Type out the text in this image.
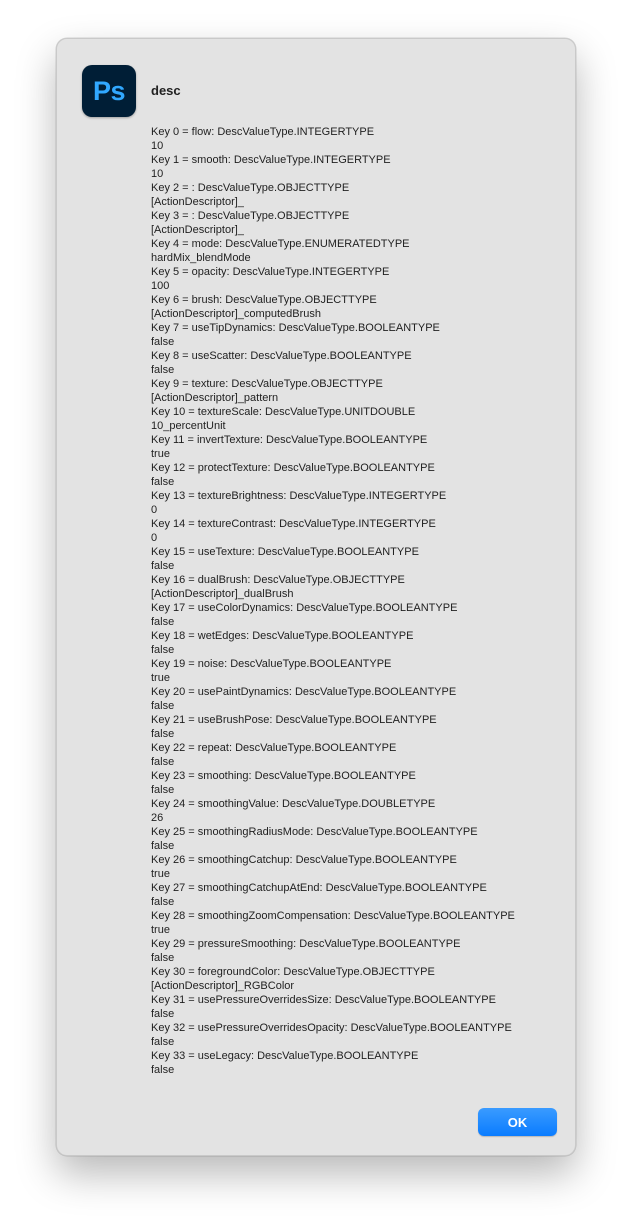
Ps desc
Key 0 = flow: DescValueType.INTEGERTYPE
10
Key 1 = smooth: DescValueType.INTEGERTYPE
10
Key 2 = : DescValueType.OBJECTTYPE
[ActionDescriptor]_
Key 3 = : DescValueType.OBJECTTYPE
[ActionDescriptor]_
Key 4 = mode: DescValueType.ENUMERATEDTYPE
hardMix_blendMode
Key 5 = opacity: DescValueType.INTEGERTYPE
100
Key 6 = brush: DescValueType.OBJECTTYPE
[ActionDescriptor]_computedBrush
Key 7 = useTipDynamics: DescValueType.BOOLEANTYPE
false
Key 8 = useScatter: DescValueType.BOOLEANTYPE
false
Key 9 = texture: DescValueType.OBJECTTYPE
[ActionDescriptor]_pattern
Key 10 = textureScale: DescValueType.UNITDOUBLE
10_percentUnit
Key 11 = invertTexture: DescValueType.BOOLEANTYPE
true
Key 12 = protectTexture: DescValueType.BOOLEANTYPE
false
Key 13 = textureBrightness: DescValueType.INTEGERTYPE
0
Key 14 = textureContrast: DescValueType.INTEGERTYPE
0
Key 15 = useTexture: DescValueType.BOOLEANTYPE
false
Key 16 = dualBrush: DescValueType.OBJECTTYPE
[ActionDescriptor]_dualBrush
Key 17 = useColorDynamics: DescValueType.BOOLEANTYPE
false
Key 18 = wetEdges: DescValueType.BOOLEANTYPE
false
Key 19 = noise: DescValueType.BOOLEANTYPE
true
Key 20 = usePaintDynamics: DescValueType.BOOLEANTYPE
false
Key 21 = useBrushPose: DescValueType.BOOLEANTYPE
false
Key 22 = repeat: DescValueType.BOOLEANTYPE
false
Key 23 = smoothing: DescValueType.BOOLEANTYPE
false
Key 24 = smoothingValue: DescValueType.DOUBLETYPE
26
Key 25 = smoothingRadiusMode: DescValueType.BOOLEANTYPE
false
Key 26 = smoothingCatchup: DescValueType.BOOLEANTYPE
true
Key 27 = smoothingCatchupAtEnd: DescValueType.BOOLEANTYPE
false
Key 28 = smoothingZoomCompensation: DescValueType.BOOLEANTYPE
true
Key 29 = pressureSmoothing: DescValueType.BOOLEANTYPE
false
Key 30 = foregroundColor: DescValueType.OBJECTTYPE
[ActionDescriptor]_RGBColor
Key 31 = usePressureOverridesSize: DescValueType.BOOLEANTYPE
false
Key 32 = usePressureOverridesOpacity: DescValueType.BOOLEANTYPE
false
Key 33 = useLegacy: DescValueType.BOOLEANTYPE
false
OK
